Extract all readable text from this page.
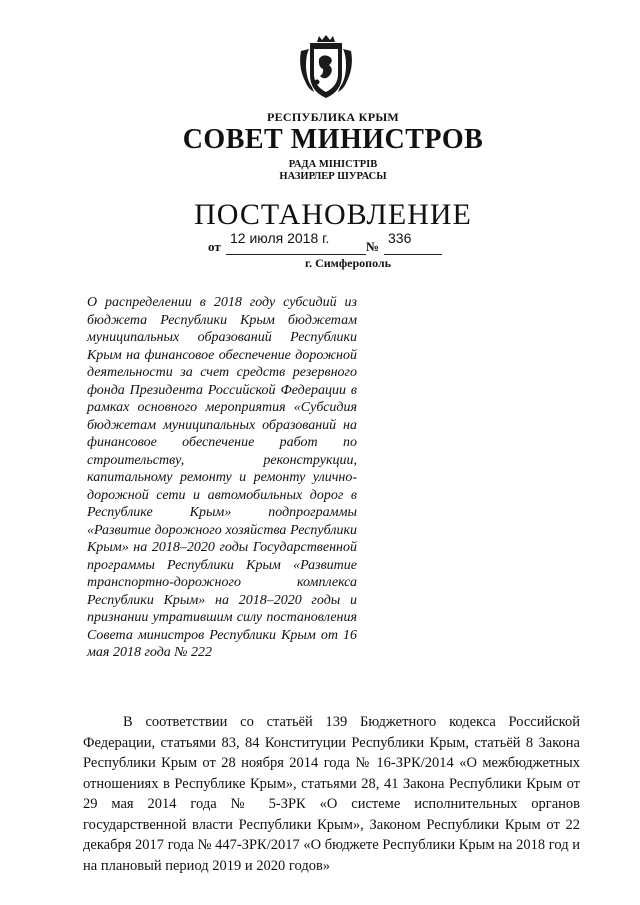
РЕСПУБЛИКА КРЫМ
СОВЕТ МИНИСТРОВ
РАДА МІНІСТРІВ
НАЗИРЛЕР ШУРАСЫ
ПОСТАНОВЛЕНИЕ
от
12 июля 2018 г.
№
336
г. Симферополь
О распределении в 2018 году субсидий из бюджета Республики Крым бюджетам муниципальных образований Республики Крым на финансовое обеспечение дорожной деятельности за счет средств резервного фонда Президента Российской Федерации в рамках основного мероприятия «Субсидия бюджетам муниципальных образований на финансовое обеспечение работ по строительству, реконструкции, капитальному ремонту и ремонту улично-дорожной сети и автомобильных дорог в Республике Крым» подпрограммы «Развитие дорожного хозяйства Республики Крым» на 2018–2020 годы Государственной программы Республики Крым «Развитие транспортно-дорожного комплекса Республики Крым» на 2018–2020 годы и признании утратившим силу постановления Совета министров Республики Крым от 16 мая 2018 года № 222
В соответствии со статьёй 139 Бюджетного кодекса Российской Федерации, статьями 83, 84 Конституции Республики Крым, статьёй 8 Закона Республики Крым от 28 ноября 2014 года № 16-ЗРК/2014 «О межбюджетных отношениях в Республике Крым», статьями 28, 41 Закона Республики Крым от 29 мая 2014 года № 5-ЗРК «О системе исполнительных органов государственной власти Республики Крым», Законом Республики Крым от 22 декабря 2017 года № 447-ЗРК/2017 «О бюджете Республики Крым на 2018 год и на плановый период 2019 и 2020 годов»
